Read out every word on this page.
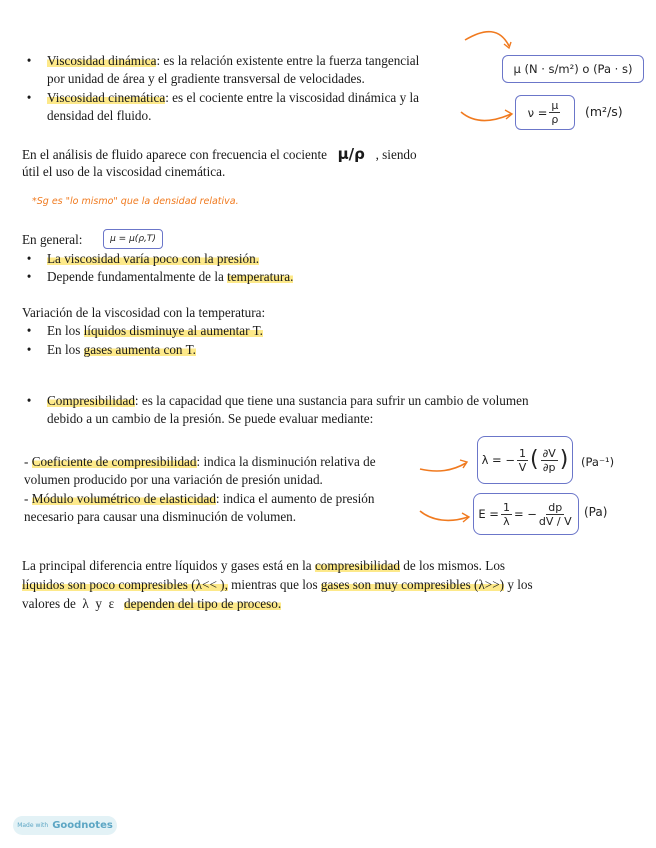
• Viscosidad dinámica: es la relación existente entre la fuerza tangencial
por unidad de área y el gradiente transversal de velocidades.
μ (N · s/m²) o (Pa · s)
• Viscosidad cinemática: es el cociente entre la viscosidad dinámica y la
densidad del fluido.	$\nu = \frac{\mu}{\rho} (m^2/s)$
En el análisis de fluido aparece con frecuencia el cociente μ/ρ , siendo
útil el uso de la viscosidad cinemática.
*Sg es "lo mismo" que la densidad relativa.
En general:	μ = μ(ρ,T)
• La viscosidad varía poco con la presión.
• Depende fundamentalmente de la temperatura.
Variación de la viscosidad con la temperatura:
• En los líquidos disminuye al aumentar T.
• En los gases aumenta con T.
• Compresibilidad: es la capacidad que tiene una sustancia para sufrir un cambio de volumen
debido a un cambio de la presión. Se puede evaluar mediante:
- Coeficiente de compresibilidad: indica la disminución relativa de
volumen producido por una variación de presión unidad.
λ = − $\frac{1}{V}$ ( $\frac{\partial V}{\partial p}$ ) (Pa⁻¹)
- Módulo volumétrico de elasticidad: indica el aumento de presión
necesario para causar una disminución de volumen.	$E = \frac{1}{\lambda}$ = − $\frac{dp}{dV / V} (Pa)$
La principal diferencia entre líquidos y gases está en la compresibilidad de los mismos. Los
líquidos son poco compresibles (λ<< ), mientras que los gases son muy compresibles (λ>>) y los
valores de  λ  y  ε   dependen del tipo de proceso.
Made with Goodnotes
